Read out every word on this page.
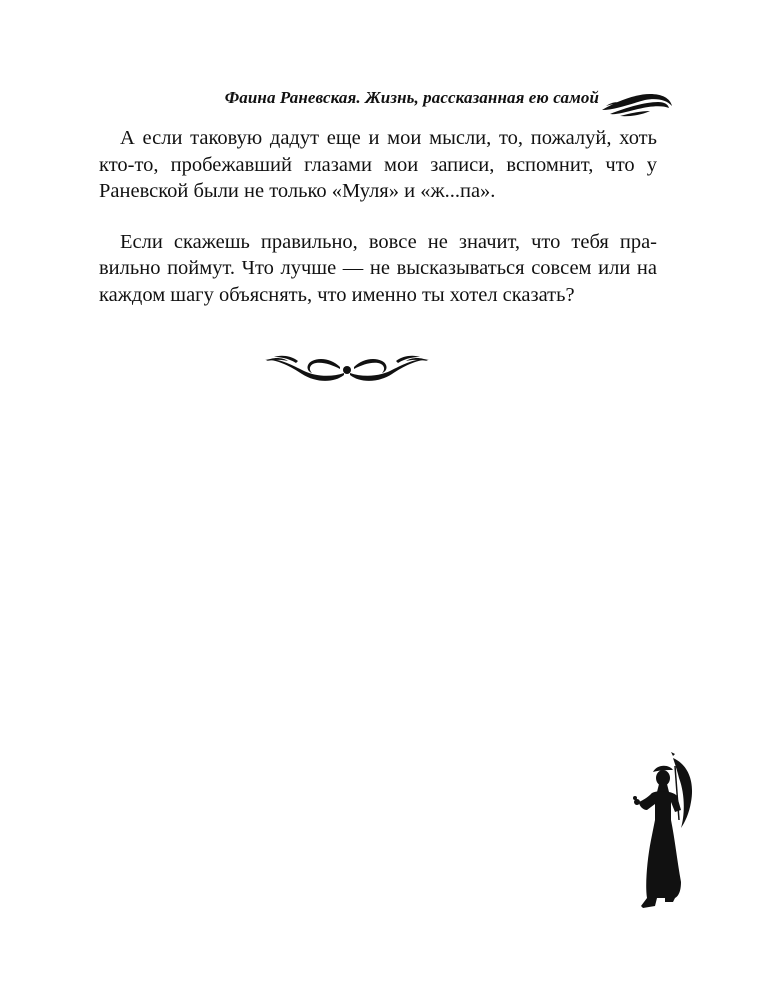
Фаина Раневская. Жизнь, рассказанная ею самой

А если таковую дадут еще и мои мысли, то, пожалуй, хоть кто-то, пробежавший глазами мои записи, вспомнит, что у Раневской были не только «Муля» и «ж...па».

Если скажешь правильно, вовсе не значит, что тебя правильно поймут. Что лучше — не высказываться совсем или на каждом шагу объяснять, что именно ты хотел сказать?
